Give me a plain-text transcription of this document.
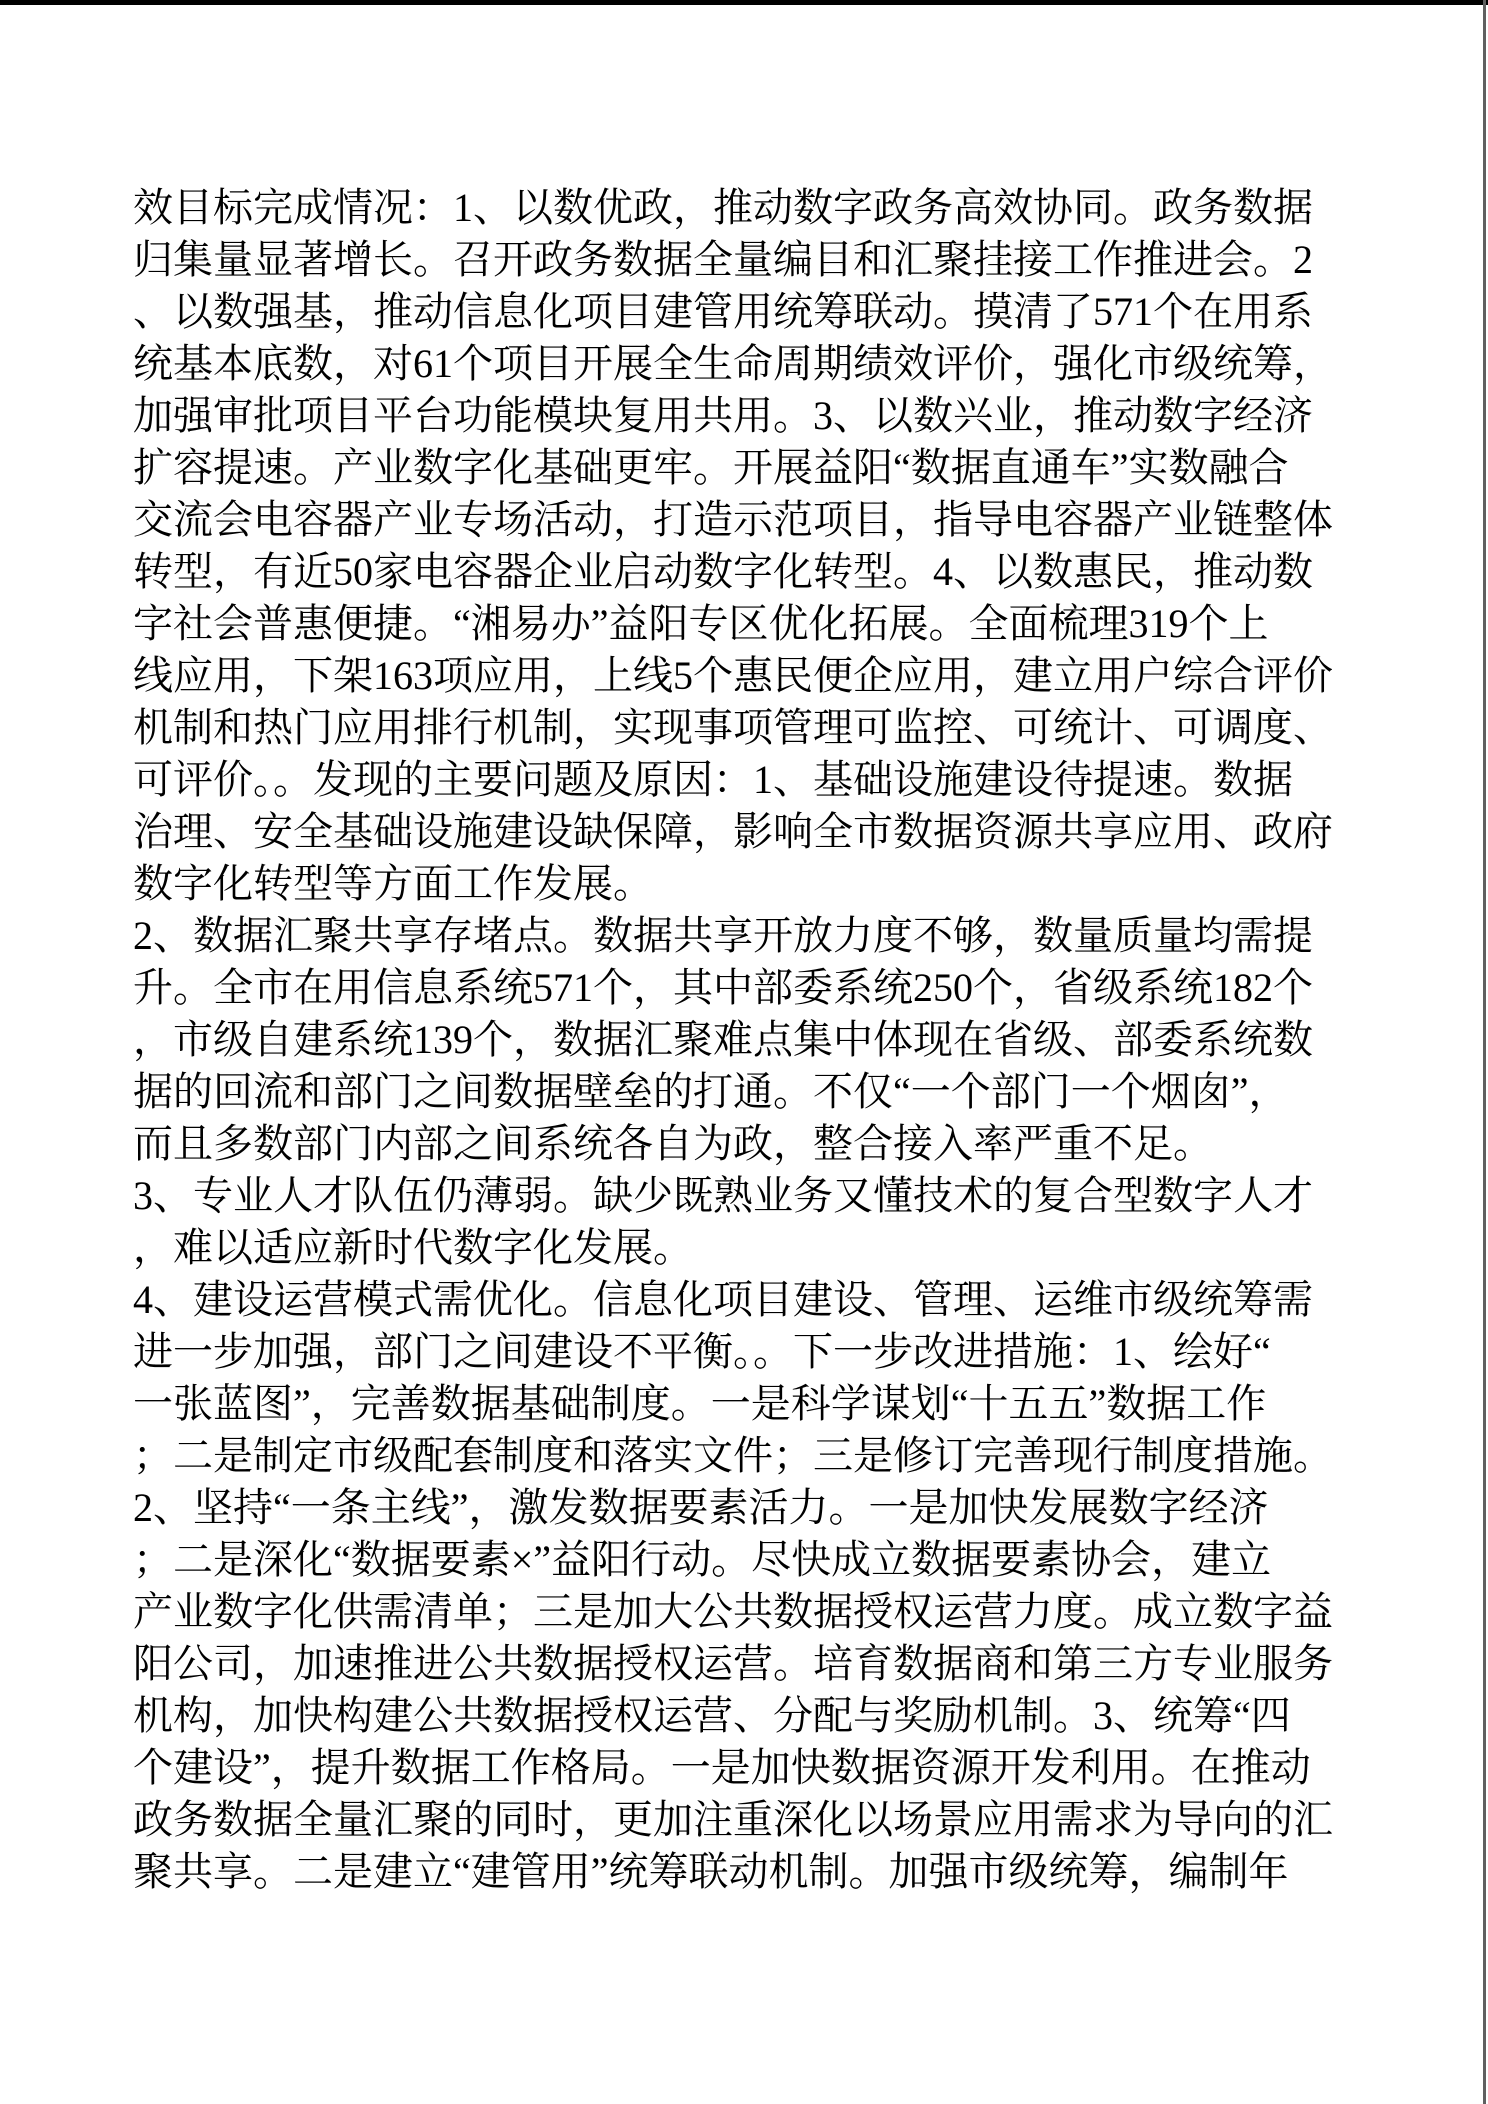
效目标完成情况：1、以数优政，推动数字政务高效协同。政务数据
归集量显著增长。召开政务数据全量编目和汇聚挂接工作推进会。2
、以数强基，推动信息化项目建管用统筹联动。摸清了571个在用系
统基本底数，对61个项目开展全生命周期绩效评价，强化市级统筹，
加强审批项目平台功能模块复用共用。3、以数兴业，推动数字经济
扩容提速。产业数字化基础更牢。开展益阳“数据直通车”实数融合
交流会电容器产业专场活动，打造示范项目，指导电容器产业链整体
转型，有近50家电容器企业启动数字化转型。4、以数惠民，推动数
字社会普惠便捷。“湘易办”益阳专区优化拓展。全面梳理319个上
线应用，下架163项应用，上线5个惠民便企应用，建立用户综合评价
机制和热门应用排行机制，实现事项管理可监控、可统计、可调度、
可评价。。发现的主要问题及原因：1、基础设施建设待提速。数据
治理、安全基础设施建设缺保障，影响全市数据资源共享应用、政府
数字化转型等方面工作发展。
2、数据汇聚共享存堵点。数据共享开放力度不够，数量质量均需提
升。全市在用信息系统571个，其中部委系统250个，省级系统182个
，市级自建系统139个，数据汇聚难点集中体现在省级、部委系统数
据的回流和部门之间数据壁垒的打通。不仅“一个部门一个烟囱”，
而且多数部门内部之间系统各自为政，整合接入率严重不足。
3、专业人才队伍仍薄弱。缺少既熟业务又懂技术的复合型数字人才
，难以适应新时代数字化发展。
4、建设运营模式需优化。信息化项目建设、管理、运维市级统筹需
进一步加强，部门之间建设不平衡。。下一步改进措施：1、绘好“
一张蓝图”，完善数据基础制度。一是科学谋划“十五五”数据工作
；二是制定市级配套制度和落实文件；三是修订完善现行制度措施。
2、坚持“一条主线”，激发数据要素活力。一是加快发展数字经济
；二是深化“数据要素×”益阳行动。尽快成立数据要素协会，建立
产业数字化供需清单；三是加大公共数据授权运营力度。成立数字益
阳公司，加速推进公共数据授权运营。培育数据商和第三方专业服务
机构，加快构建公共数据授权运营、分配与奖励机制。3、统筹“四
个建设”，提升数据工作格局。一是加快数据资源开发利用。在推动
政务数据全量汇聚的同时，更加注重深化以场景应用需求为导向的汇
聚共享。二是建立“建管用”统筹联动机制。加强市级统筹，编制年
